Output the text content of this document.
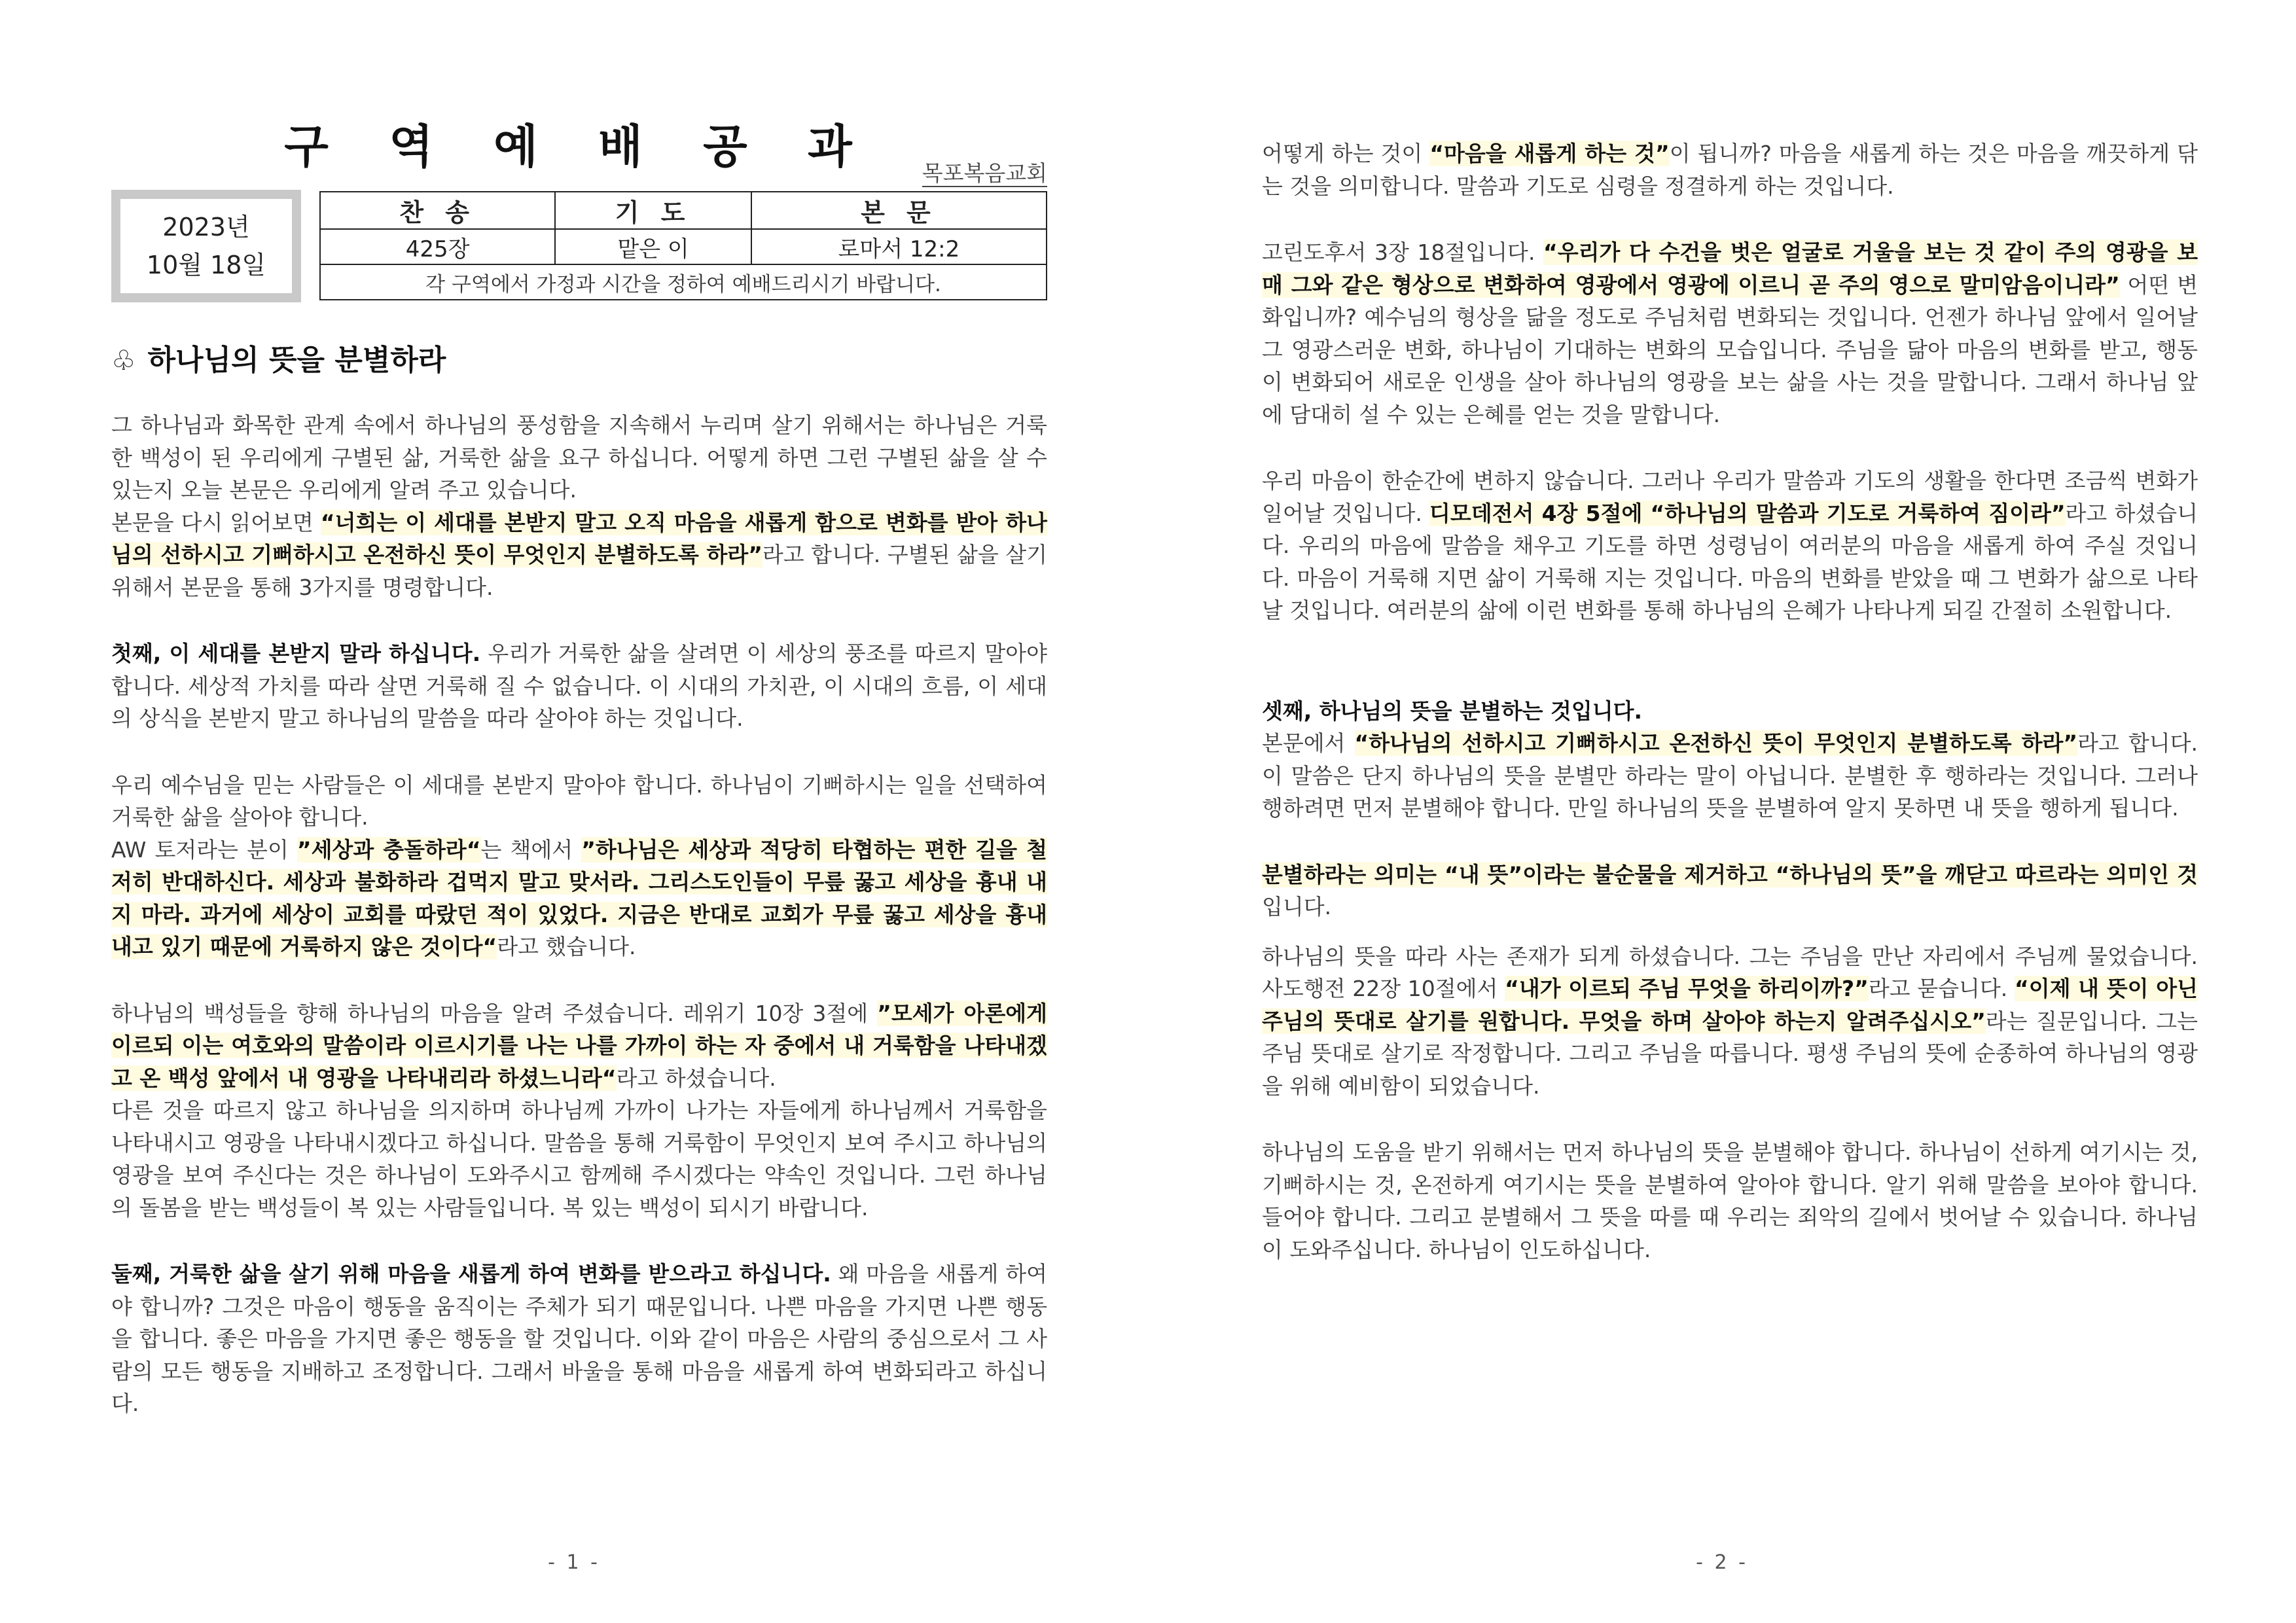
구 역 예 배 공 과	목포복음교회
2023년
10월 18일
찬 송	기 도	본 문
425장	맡은 이	로마서 12:2
각 구역에서 가정과 시간을 정하여 예배드리시기 바랍니다.		
♧ 하나님의 뜻을 분별하라

그 하나님과 화목한 관계 속에서 하나님의 풍성함을 지속해서 누리며 살기 위해서는 하나님은 거룩한 백성이 된 우리에게 구별된 삶, 거룩한 삶을 요구 하십니다. 어떻게 하면 그런 구별된 삶을 살 수 있는지 오늘 본문은 우리에게 알려 주고 있습니다.

본문을 다시 읽어보면 “너희는 이 세대를 본받지 말고 오직 마음을 새롭게 함으로 변화를 받아 하나님의 선하시고 기뻐하시고 온전하신 뜻이 무엇인지 분별하도록 하라”라고 합니다. 구별된 삶을 살기 위해서 본문을 통해 3가지를 명령합니다.

첫째, 이 세대를 본받지 말라 하십니다. 우리가 거룩한 삶을 살려면 이 세상의 풍조를 따르지 말아야 합니다. 세상적 가치를 따라 살면 거룩해 질 수 없습니다. 이 시대의 가치관, 이 시대의 흐름, 이 세대의 상식을 본받지 말고 하나님의 말씀을 따라 살아야 하는 것입니다.

우리 예수님을 믿는 사람들은 이 세대를 본받지 말아야 합니다. 하나님이 기뻐하시는 일을 선택하여 거룩한 삶을 살아야 합니다.

AW 토저라는 분이 ”세상과 충돌하라“는 책에서 ”하나님은 세상과 적당히 타협하는 편한 길을 철저히 반대하신다. 세상과 불화하라 겁먹지 말고 맞서라. 그리스도인들이 무릎 꿇고 세상을 흉내 내지 마라. 과거에 세상이 교회를 따랐던 적이 있었다. 지금은 반대로 교회가 무릎 꿇고 세상을 흉내 내고 있기 때문에 거룩하지 않은 것이다“라고 했습니다.

하나님의 백성들을 향해 하나님의 마음을 알려 주셨습니다. 레위기 10장 3절에 ”모세가 아론에게 이르되 이는 여호와의 말씀이라 이르시기를 나는 나를 가까이 하는 자 중에서 내 거룩함을 나타내겠고 온 백성 앞에서 내 영광을 나타내리라 하셨느니라“라고 하셨습니다.

다른 것을 따르지 않고 하나님을 의지하며 하나님께 가까이 나가는 자들에게 하나님께서 거룩함을 나타내시고 영광을 나타내시겠다고 하십니다. 말씀을 통해 거룩함이 무엇인지 보여 주시고 하나님의 영광을 보여 주신다는 것은 하나님이 도와주시고 함께해 주시겠다는 약속인 것입니다. 그런 하나님의 돌봄을 받는 백성들이 복 있는 사람들입니다. 복 있는 백성이 되시기 바랍니다.

둘째, 거룩한 삶을 살기 위해 마음을 새롭게 하여 변화를 받으라고 하십니다. 왜 마음을 새롭게 하여야 합니까? 그것은 마음이 행동을 움직이는 주체가 되기 때문입니다. 나쁜 마음을 가지면 나쁜 행동을 합니다. 좋은 마음을 가지면 좋은 행동을 할 것입니다. 이와 같이 마음은 사람의 중심으로서 그 사람의 모든 행동을 지배하고 조정합니다. 그래서 바울을 통해 마음을 새롭게 하여 변화되라고 하십니다.

- 1 -

어떻게 하는 것이 “마음을 새롭게 하는 것”이 됩니까? 마음을 새롭게 하는 것은 마음을 깨끗하게 닦는 것을 의미합니다. 말씀과 기도로 심령을 정결하게 하는 것입니다.

고린도후서 3장 18절입니다. “우리가 다 수건을 벗은 얼굴로 거울을 보는 것 같이 주의 영광을 보매 그와 같은 형상으로 변화하여 영광에서 영광에 이르니 곧 주의 영으로 말미암음이니라” 어떤 변화입니까? 예수님의 형상을 닮을 정도로 주님처럼 변화되는 것입니다. 언젠가 하나님 앞에서 일어날 그 영광스러운 변화, 하나님이 기대하는 변화의 모습입니다. 주님을 닮아 마음의 변화를 받고, 행동이 변화되어 새로운 인생을 살아 하나님의 영광을 보는 삶을 사는 것을 말합니다. 그래서 하나님 앞에 담대히 설 수 있는 은혜를 얻는 것을 말합니다.

우리 마음이 한순간에 변하지 않습니다. 그러나 우리가 말씀과 기도의 생활을 한다면 조금씩 변화가 일어날 것입니다. 디모데전서 4장 5절에 “하나님의 말씀과 기도로 거룩하여 짐이라”라고 하셨습니다. 우리의 마음에 말씀을 채우고 기도를 하면 성령님이 여러분의 마음을 새롭게 하여 주실 것입니다. 마음이 거룩해 지면 삶이 거룩해 지는 것입니다. 마음의 변화를 받았을 때 그 변화가 삶으로 나타날 것입니다. 여러분의 삶에 이런 변화를 통해 하나님의 은혜가 나타나게 되길 간절히 소원합니다.

셋째, 하나님의 뜻을 분별하는 것입니다.

본문에서 “하나님의 선하시고 기뻐하시고 온전하신 뜻이 무엇인지 분별하도록 하라”라고 합니다. 이 말씀은 단지 하나님의 뜻을 분별만 하라는 말이 아닙니다. 분별한 후 행하라는 것입니다. 그러나 행하려면 먼저 분별해야 합니다. 만일 하나님의 뜻을 분별하여 알지 못하면 내 뜻을 행하게 됩니다.

분별하라는 의미는 “내 뜻”이라는 불순물을 제거하고 “하나님의 뜻”을 깨닫고 따르라는 의미인 것입니다.

하나님의 뜻을 따라 사는 존재가 되게 하셨습니다. 그는 주님을 만난 자리에서 주님께 물었습니다. 사도행전 22장 10절에서 “내가 이르되 주님 무엇을 하리이까?”라고 묻습니다. “이제 내 뜻이 아닌 주님의 뜻대로 살기를 원합니다. 무엇을 하며 살아야 하는지 알려주십시오”라는 질문입니다. 그는 주님 뜻대로 살기로 작정합니다. 그리고 주님을 따릅니다. 평생 주님의 뜻에 순종하여 하나님의 영광을 위해 예비함이 되었습니다.

하나님의 도움을 받기 위해서는 먼저 하나님의 뜻을 분별해야 합니다. 하나님이 선하게 여기시는 것, 기뻐하시는 것, 온전하게 여기시는 뜻을 분별하여 알아야 합니다. 알기 위해 말씀을 보아야 합니다. 들어야 합니다. 그리고 분별해서 그 뜻을 따를 때 우리는 죄악의 길에서 벗어날 수 있습니다. 하나님이 도와주십니다. 하나님이 인도하십니다.

- 2 -
